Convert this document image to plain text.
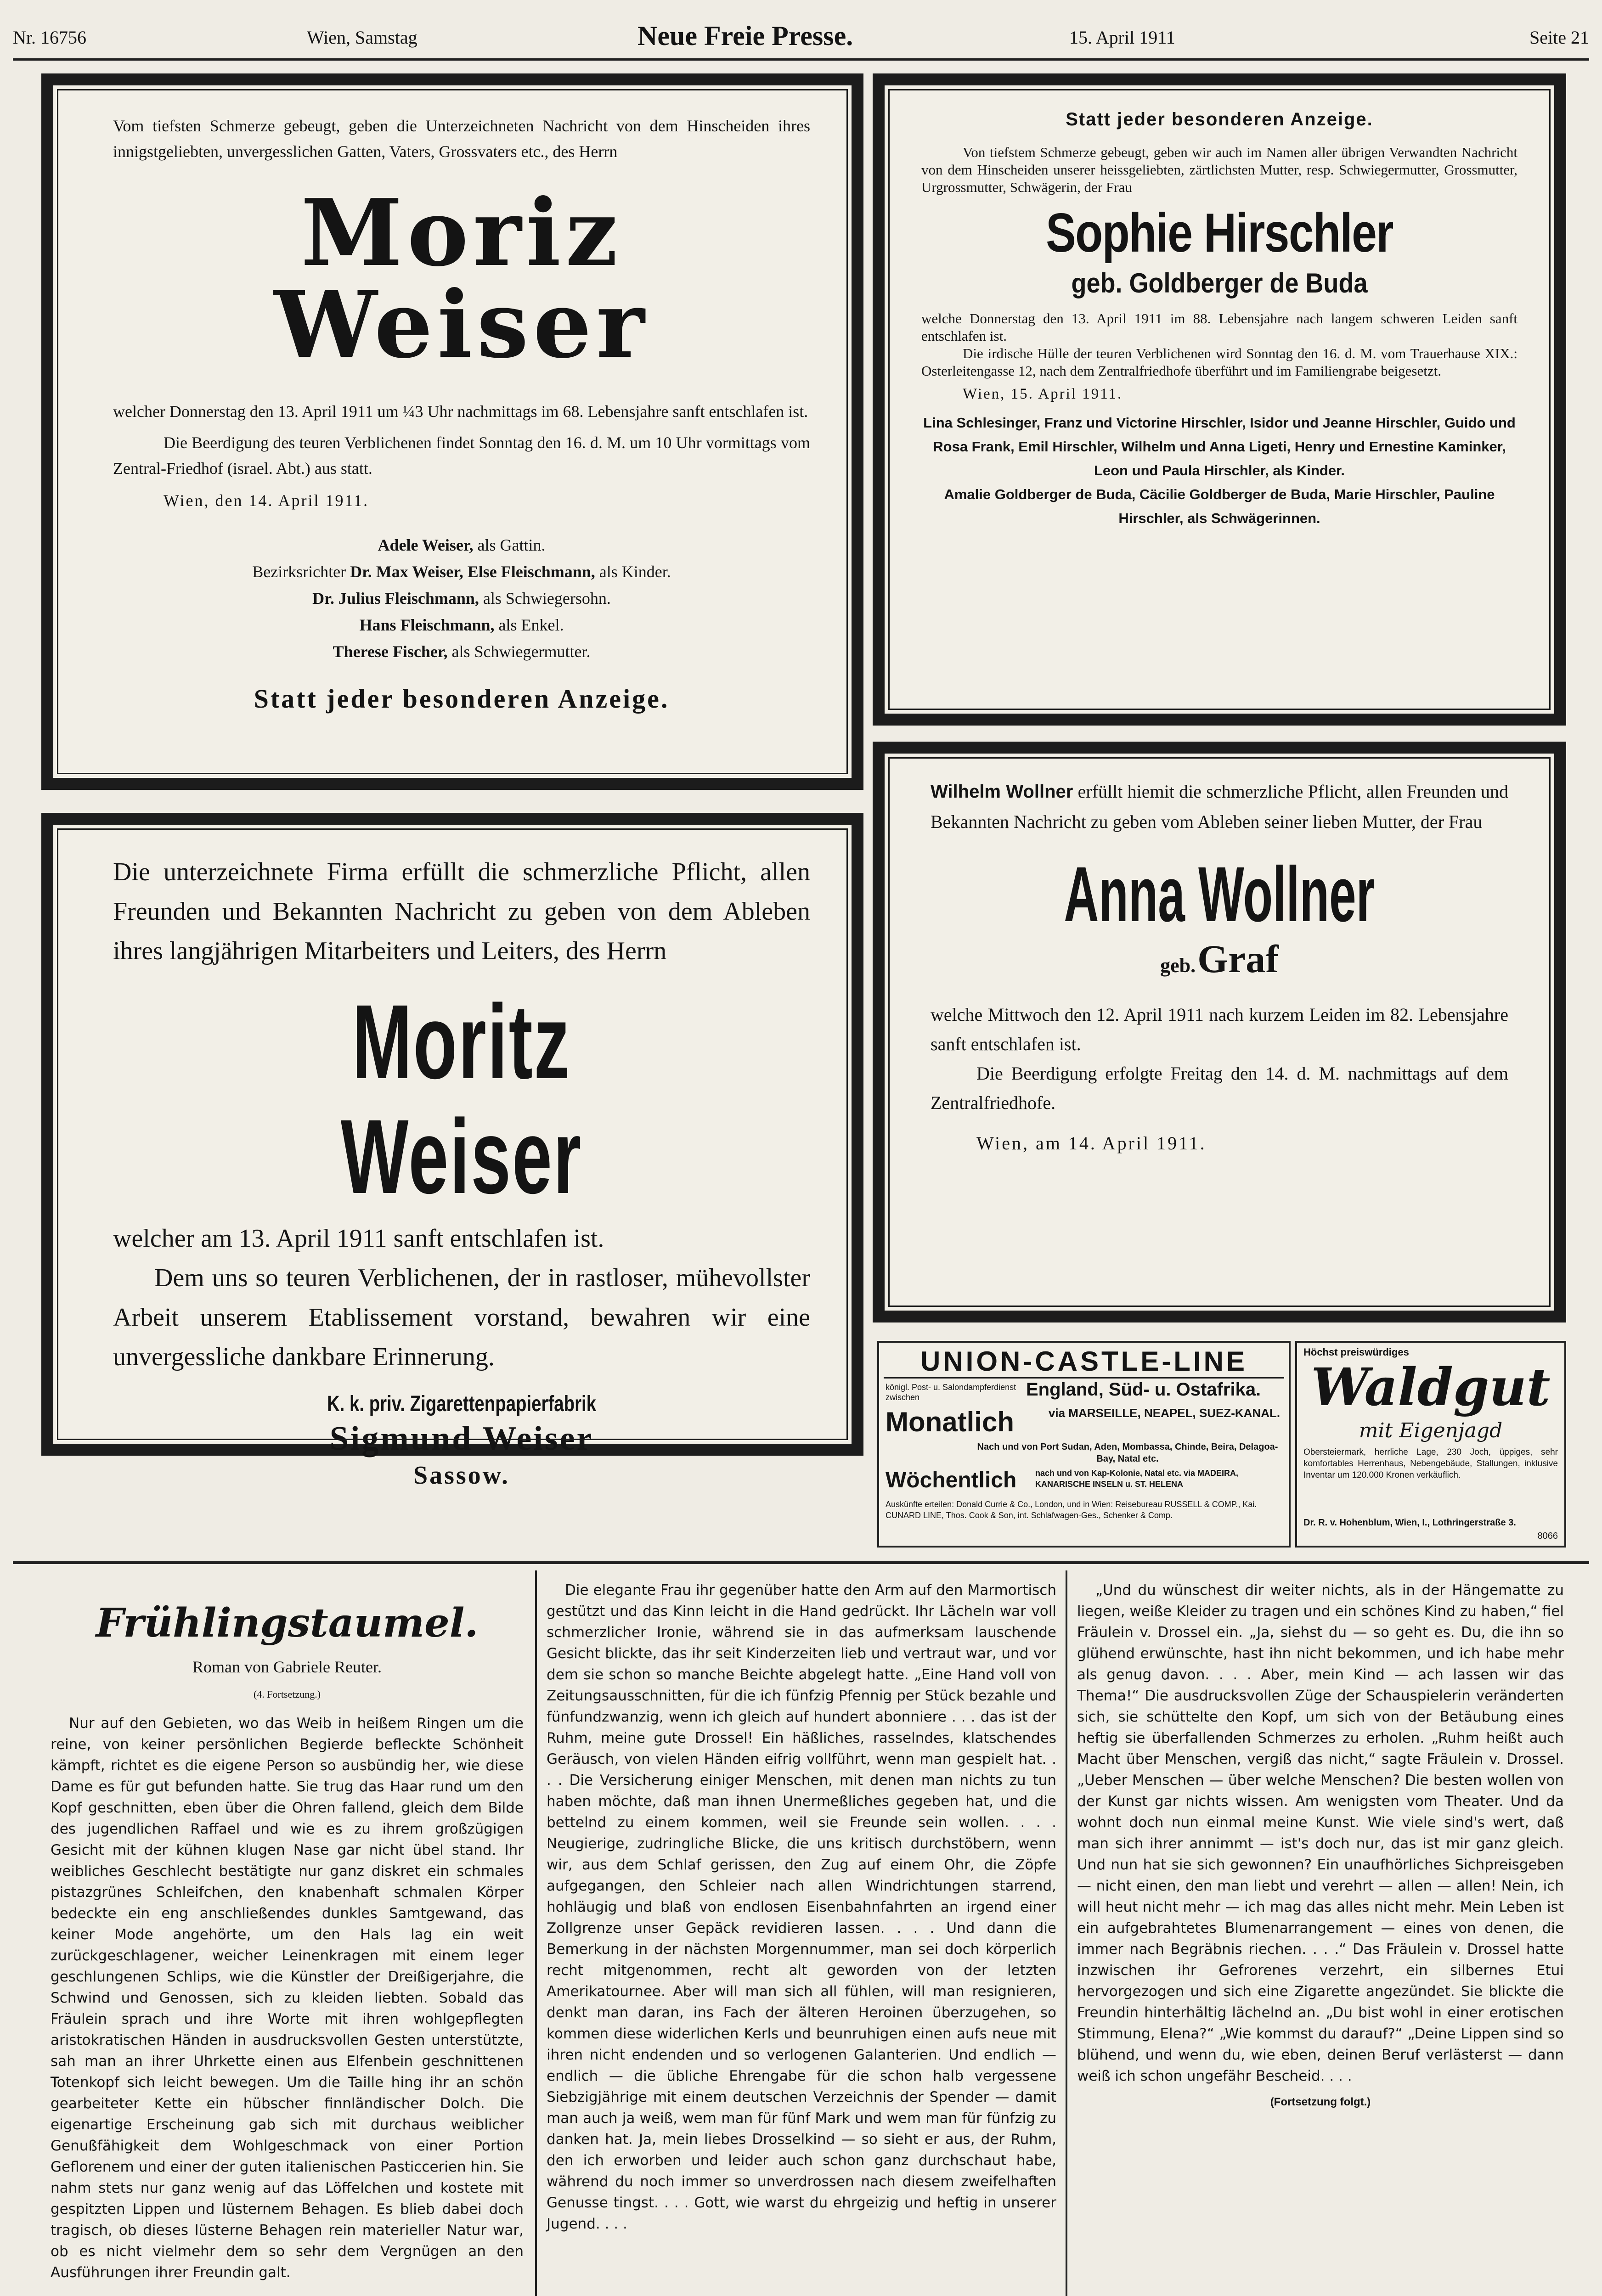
Nr. 16756	Wien, Samstag	Neue Freie Presse.	15. April 1911	Seite 21
Vom tiefsten Schmerze gebeugt, geben die Unterzeichneten Nachricht von dem Hinscheiden ihres innigstgeliebten, unvergesslichen Gatten, Vaters, Grossvaters etc., des Herrn
Moriz Weiser
welcher Donnerstag den 13. April 1911 um ¼3 Uhr nachmittags im 68. Lebensjahre sanft entschlafen ist.
Die Beerdigung des teuren Verblichenen findet Sonntag den 16. d. M. um 10 Uhr vormittags vom Zentral-Friedhof (israel. Abt.) aus statt.
Wien, den 14. April 1911.
Adele Weiser, als Gattin.
Bezirksrichter Dr. Max Weiser, Else Fleischmann, als Kinder.
Dr. Julius Fleischmann, als Schwiegersohn.
Hans Fleischmann, als Enkel.
Therese Fischer, als Schwiegermutter.
Statt jeder besonderen Anzeige.
Statt jeder besonderen Anzeige.
Von tiefstem Schmerze gebeugt, geben wir auch im Namen aller übrigen Verwandten Nachricht von dem Hinscheiden unserer heissgeliebten, zärtlichsten Mutter, resp. Schwiegermutter, Grossmutter, Urgrossmutter, Schwägerin, der Frau
Sophie Hirschler
geb. Goldberger de Buda
welche Donnerstag den 13. April 1911 im 88. Lebensjahre nach langem schweren Leiden sanft entschlafen ist.
Die irdische Hülle der teuren Verblichenen wird Sonntag den 16. d. M. vom Trauerhause XIX.: Osterleitengasse 12, nach dem Zentralfriedhofe überführt und im Familiengrabe beigesetzt.
Wien, 15. April 1911.
Lina Schlesinger, Franz und Victorine Hirschler, Isidor und Jeanne Hirschler, Guido und Rosa Frank, Emil Hirschler, Wilhelm und Anna Ligeti, Henry und Ernestine Kaminker, Leon und Paula Hirschler, als Kinder.
Amalie Goldberger de Buda, Cäcilie Goldberger de Buda, Marie Hirschler, Pauline Hirschler, als Schwägerinnen.
Die unterzeichnete Firma erfüllt die schmerzliche Pflicht, allen Freunden und Bekannten Nachricht zu geben von dem Ableben ihres langjährigen Mitarbeiters und Leiters, des Herrn
Moritz Weiser
welcher am 13. April 1911 sanft entschlafen ist.
Dem uns so teuren Verblichenen, der in rastloser, mühevollster Arbeit unserem Etablissement vorstand, bewahren wir eine unvergessliche dankbare Erinnerung.
K. k. priv. Zigarettenpapierfabrik
Sigmund Weiser
Sassow.
Wilhelm Wollner erfüllt hiemit die schmerzliche Pflicht, allen Freunden und Bekannten Nachricht zu geben vom Ableben seiner lieben Mutter, der Frau
Anna Wollner
geb. Graf
welche Mittwoch den 12. April 1911 nach kurzem Leiden im 82. Lebensjahre sanft entschlafen ist.
Die Beerdigung erfolgte Freitag den 14. d. M. nachmittags auf dem Zentralfriedhofe.
Wien, am 14. April 1911.
UNION-CASTLE-LINE
königl. Post- u. Salondampferdienst zwischen	England, Süd- u. Ostafrika.
Monatlich	via MARSEILLE, NEAPEL, SUEZ-KANAL.
Nach und von Port Sudan, Aden, Mombassa, Chinde, Beira, Delagoa-Bay, Natal etc.
Wöchentlich nach und von Kap-Kolonie, Natal etc. via MADEIRA, KANARISCHE INSELN u. ST. HELENA
Auskünfte erteilen: Donald Currie & Co., London, und in Wien: Reisebureau RUSSELL & COMP., Kai. CUNARD LINE, Thos. Cook & Son, int. Schlafwagen-Ges., Schenker & Comp.
Höchst preiswürdiges
Waldgut
mit Eigenjagd
Obersteiermark, herrliche Lage, 230 Joch, üppiges, sehr komfortables Herrenhaus, Nebengebäude, Stallungen, inklusive Inventar um 120.000 Kronen verkäuflich.
Dr. R. v. Hohenblum, Wien, I., Lothringerstraße 3.
8066
Frühlingstaumel.
Roman von Gabriele Reuter.
(4. Fortsetzung.)

Nur auf den Gebieten, wo das Weib in heißem Ringen um die reine, von keiner persönlichen Begierde befleckte Schönheit kämpft, richtet es die eigene Person so ausbündig her, wie diese Dame es für gut befunden hatte. Sie trug das Haar rund um den Kopf geschnitten, eben über die Ohren fallend, gleich dem Bilde des jugendlichen Raffael und wie es zu ihrem großzügigen Gesicht mit der kühnen klugen Nase gar nicht übel stand. Ihr weibliches Geschlecht bestätigte nur ganz diskret ein schmales pistazgrünes Schleifchen, den knabenhaft schmalen Körper bedeckte ein eng anschließendes dunkles Samtgewand, das keiner Mode angehörte, um den Hals lag ein weit zurückgeschlagener, weicher Leinenkragen mit einem leger geschlungenen Schlips, wie die Künstler der Dreißigerjahre, die Schwind und Genossen, sich zu kleiden liebten. Sobald das Fräulein sprach und ihre Worte mit ihren wohlgepflegten aristokratischen Händen in ausdrucksvollen Gesten unterstützte, sah man an ihrer Uhrkette einen aus Elfenbein geschnittenen Totenkopf sich leicht bewegen. Um die Taille hing ihr an schön gearbeiteter Kette ein hübscher finnländischer Dolch. Die eigenartige Erscheinung gab sich mit durchaus weiblicher Genußfähigkeit dem Wohlgeschmack von einer Portion Geflorenem und einer der guten italienischen Pasticcerien hin. Sie nahm stets nur ganz wenig auf das Löffelchen und kostete mit gespitzten Lippen und lüsternem Behagen. Es blieb dabei doch tragisch, ob dieses lüsterne Behagen rein materieller Natur war, ob es nicht vielmehr dem so sehr dem Vergnügen an den Ausführungen ihrer Freundin galt.

Die elegante Frau ihr gegenüber hatte den Arm auf den Marmortisch gestützt und das Kinn leicht in die Hand gedrückt. Ihr Lächeln war voll schmerzlicher Ironie, während sie in das aufmerksam lauschende Gesicht blickte, das ihr seit Kinderzeiten lieb und vertraut war, und vor dem sie schon so manche Beichte abgelegt hatte. „Eine Hand voll von Zeitungsausschnitten, für die ich fünfzig Pfennig per Stück bezahle und fünfundzwanzig, wenn ich gleich auf hundert abonniere . . . das ist der Ruhm, meine gute Drossel! Ein häßliches, rasselndes, klatschendes Geräusch, von vielen Händen eifrig vollführt, wenn man gespielt hat. . . . Die Versicherung einiger Menschen, mit denen man nichts zu tun haben möchte, daß man ihnen Unermeßliches gegeben hat, und die bettelnd zu einem kommen, weil sie Freunde sein wollen. . . . Neugierige, zudringliche Blicke, die uns kritisch durchstöbern, wenn wir, aus dem Schlaf gerissen, den Zug auf einem Ohr, die Zöpfe aufgegangen, den Schleier nach allen Windrichtungen starrend, hohläugig und blaß von endlosen Eisenbahnfahrten an irgend einer Zollgrenze unser Gepäck revidieren lassen. . . . Und dann die Bemerkung in der nächsten Morgennummer, man sei doch körperlich recht mitgenommen, recht alt geworden von der letzten Amerikatournee. Aber will man sich all fühlen, will man resignieren, denkt man daran, ins Fach der älteren Heroinen überzugehen, so kommen diese widerlichen Kerls und beunruhigen einen aufs neue mit ihren nicht endenden und so verlogenen Galanterien. Und endlich — endlich — die übliche Ehrengabe für die schon halb vergessene Siebzigjährige mit einem deutschen Verzeichnis der Spender — damit man auch ja weiß, wem man für fünf Mark und wem man für fünfzig zu danken hat. Ja, mein liebes Drosselkind — so sieht er aus, der Ruhm, den ich erworben und leider auch schon ganz durchschaut habe, während du noch immer so unverdrossen nach diesem zweifelhaften Genusse tingst. . . . Gott, wie warst du ehrgeizig und heftig in unserer Jugend. . . .

„Und du wünschest dir weiter nichts, als in der Hängematte zu liegen, weiße Kleider zu tragen und ein schönes Kind zu haben,“ fiel Fräulein v. Drossel ein. „Ja, siehst du — so geht es. Du, die ihn so glühend erwünschte, hast ihn nicht bekommen, und ich habe mehr als genug davon. . . . Aber, mein Kind — ach lassen wir das Thema!“ Die ausdrucksvollen Züge der Schauspielerin veränderten sich, sie schüttelte den Kopf, um sich von der Betäubung eines heftig sie überfallenden Schmerzes zu erholen. „Ruhm heißt auch Macht über Menschen, vergiß das nicht,“ sagte Fräulein v. Drossel. „Ueber Menschen — über welche Menschen? Die besten wollen von der Kunst gar nichts wissen. Am wenigsten vom Theater. Und da wohnt doch nun einmal meine Kunst. Wie viele sind's wert, daß man sich ihrer annimmt — ist's doch nur, das ist mir ganz gleich. Und nun hat sie sich gewonnen? Ein unaufhörliches Sichpreisgeben — nicht einen, den man liebt und verehrt — allen — allen! Nein, ich will heut nicht mehr — ich mag das alles nicht mehr. Mein Leben ist ein aufgebrahtetes Blumenarrangement — eines von denen, die immer nach Begräbnis riechen. . . .“ Das Fräulein v. Drossel hatte inzwischen ihr Gefrorenes verzehrt, ein silbernes Etui hervorgezogen und sich eine Zigarette angezündet. Sie blickte die Freundin hinterhältig lächelnd an. „Du bist wohl in einer erotischen Stimmung, Elena?“ „Wie kommst du darauf?“ „Deine Lippen sind so blühend, und wenn du, wie eben, deinen Beruf verlästerst — dann weiß ich schon ungefähr Bescheid. . . .

(Fortsetzung folgt.)
